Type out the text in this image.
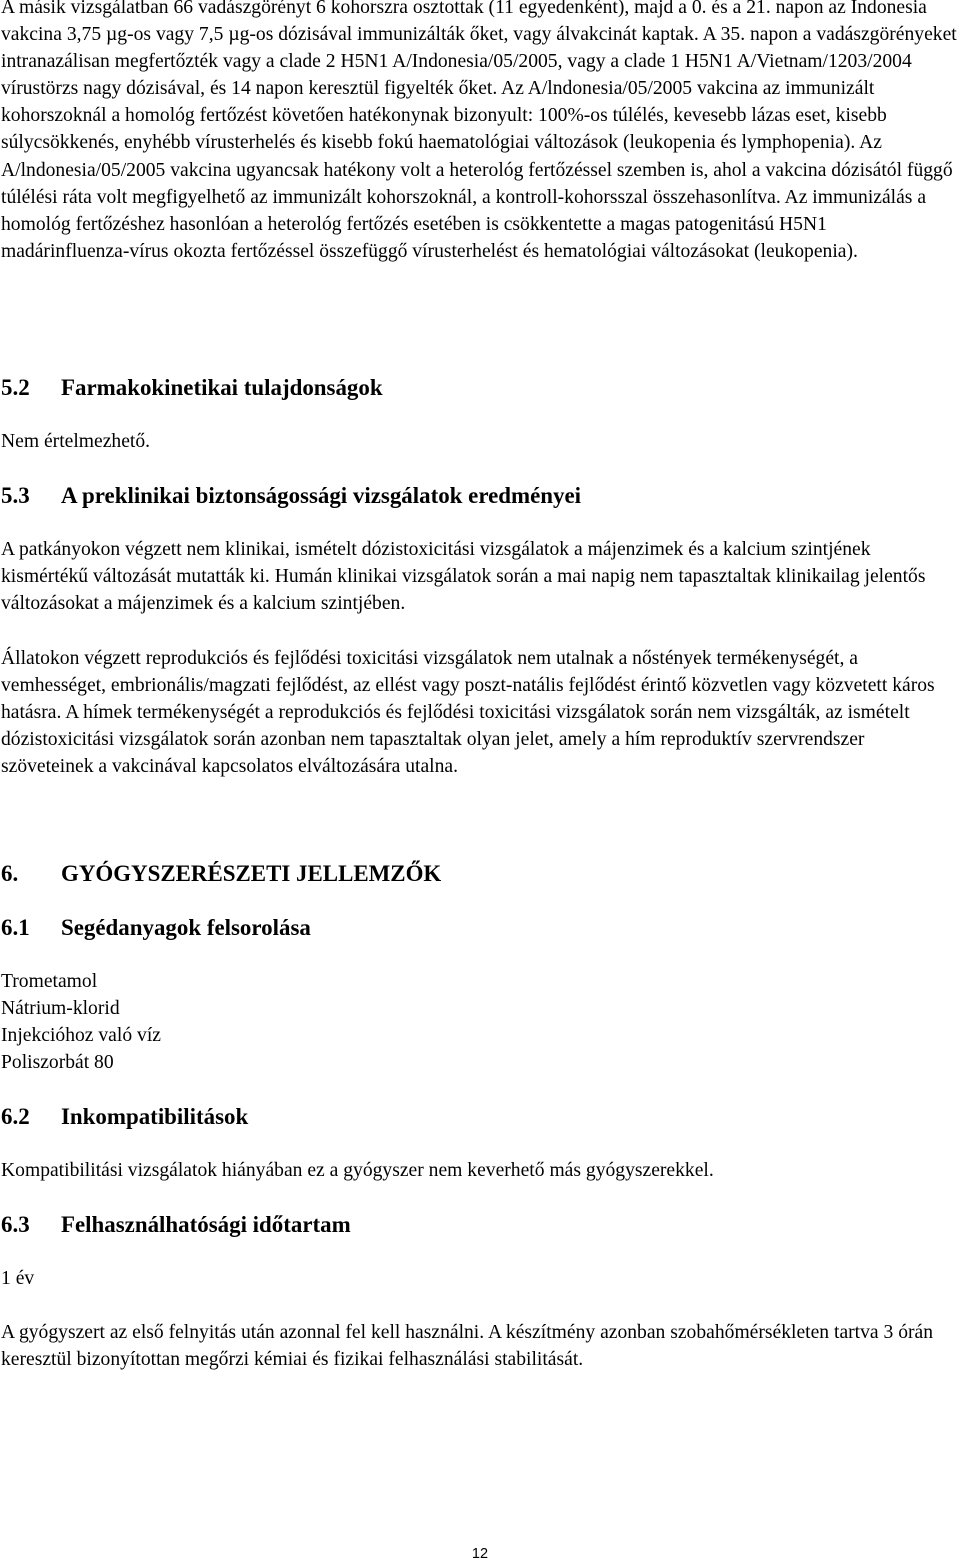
A másik vizsgálatban 66 vadászgörényt 6 kohorszra osztottak (11 egyedenként), majd a 0. és a 21. napon az Indonesia vakcina 3,75 µg-os vagy 7,5 µg-os dózisával immunizálták őket, vagy álvakcinát kaptak. A 35. napon a vadászgörényeket intranazálisan megfertőzték vagy a clade 2 H5N1 A/Indonesia/05/2005, vagy a clade 1 H5N1 A/Vietnam/1203/2004 vírustörzs nagy dózisával, és 14 napon keresztül figyelték őket. Az A/lndonesia/05/2005 vakcina az immunizált kohorszoknál a homológ fertőzést követően hatékonynak bizonyult: 100%-os túlélés, kevesebb lázas eset, kisebb súlycsökkenés, enyhébb vírusterhelés és kisebb fokú haematológiai változások (leukopenia és lymphopenia). Az A/lndonesia/05/2005 vakcina ugyancsak hatékony volt a heterológ fertőzéssel szemben is, ahol a vakcina dózisától függő túlélési ráta volt megfigyelhető az immunizált kohorszoknál, a kontroll-kohorsszal összehasonlítva. Az immunizálás a homológ fertőzéshez hasonlóan a heterológ fertőzés esetében is csökkentette a magas patogenitású H5N1 madárinfluenza-vírus okozta fertőzéssel összefüggő vírusterhelést és hematológiai változásokat (leukopenia).

5.2 Farmakokinetikai tulajdonságok

Nem értelmezhető.

5.3 A preklinikai biztonságossági vizsgálatok eredményei

A patkányokon végzett nem klinikai, ismételt dózistoxicitási vizsgálatok a májenzimek és a kalcium szintjének kismértékű változását mutatták ki. Humán klinikai vizsgálatok során a mai napig nem tapasztaltak klinikailag jelentős változásokat a májenzimek és a kalcium szintjében.

Állatokon végzett reprodukciós és fejlődési toxicitási vizsgálatok nem utalnak a nőstények termékenységét, a vemhességet, embrionális/magzati fejlődést, az ellést vagy poszt-natális fejlődést érintő közvetlen vagy közvetett káros hatásra. A hímek termékenységét a reprodukciós és fejlődési toxicitási vizsgálatok során nem vizsgálták, az ismételt dózistoxicitási vizsgálatok során azonban nem tapasztaltak olyan jelet, amely a hím reproduktív szervrendszer szöveteinek a vakcinával kapcsolatos elváltozására utalna.

6. GYÓGYSZERÉSZETI JELLEMZŐK
6.1 Segédanyagok felsorolása
Trometamol
Nátrium-klorid
Injekcióhoz való víz
Poliszorbát 80
6.2 Inkompatibilitások

Kompatibilitási vizsgálatok hiányában ez a gyógyszer nem keverhető más gyógyszerekkel.

6.3 Felhasználhatósági időtartam

1 év

A gyógyszert az első felnyitás után azonnal fel kell használni. A készítmény azonban szobahőmérsékleten tartva 3 órán keresztül bizonyítottan megőrzi kémiai és fizikai felhasználási stabilitását.

12
